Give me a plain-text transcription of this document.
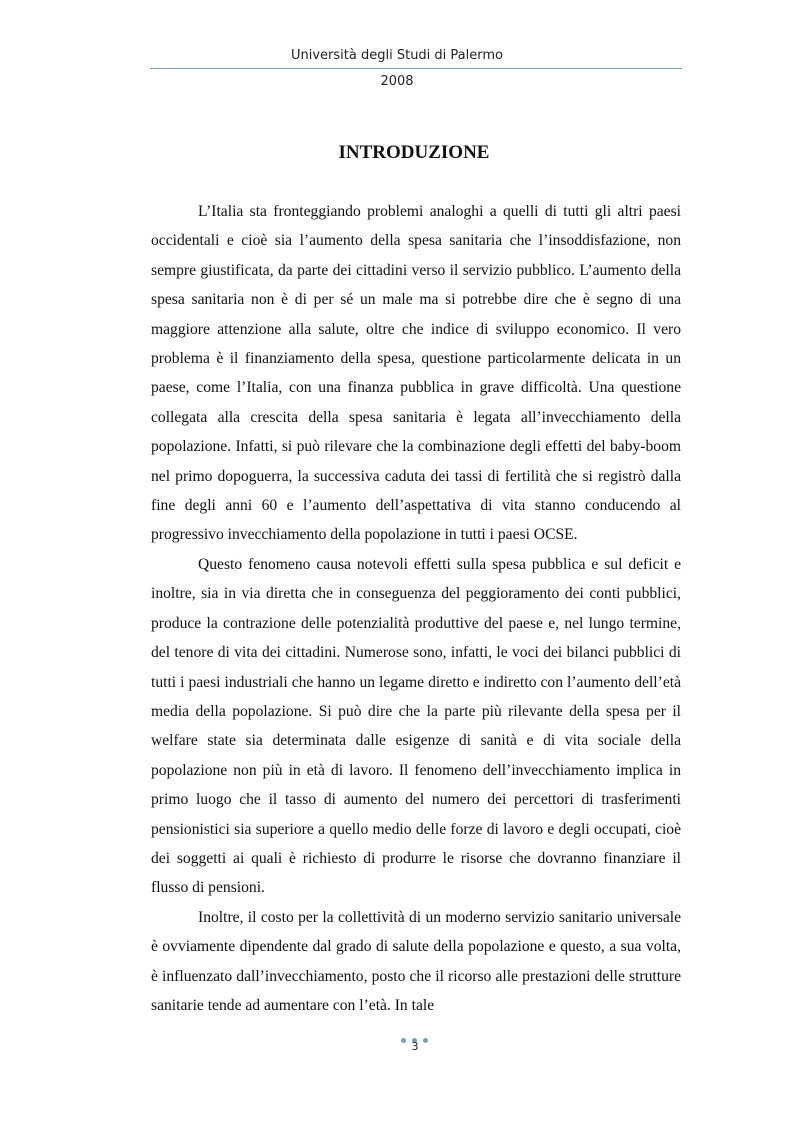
Università degli Studi di Palermo
2008
INTRODUZIONE

L’Italia sta fronteggiando problemi analoghi a quelli di tutti gli altri paesi occidentali e cioè sia l’aumento della spesa sanitaria che l’insoddisfazione, non sempre giustificata, da parte dei cittadini verso il servizio pubblico. L’aumento della spesa sanitaria non è di per sé un male ma si potrebbe dire che è segno di una maggiore attenzione alla salute, oltre che indice di sviluppo economico. Il vero problema è il finanziamento della spesa, questione particolarmente delicata in un paese, come l’Italia, con una finanza pubblica in grave difficoltà. Una questione collegata alla crescita della spesa sanitaria è legata all’invecchiamento della popolazione. Infatti, si può rilevare che la combinazione degli effetti del baby-boom nel primo dopoguerra, la successiva caduta dei tassi di fertilità che si registrò dalla fine degli anni 60 e l’aumento dell’aspettativa di vita stanno conducendo al progressivo invecchiamento della popolazione in tutti i paesi OCSE.

Questo fenomeno causa notevoli effetti sulla spesa pubblica e sul deficit e inoltre, sia in via diretta che in conseguenza del peggioramento dei conti pubblici, produce la contrazione delle potenzialità produttive del paese e, nel lungo termine, del tenore di vita dei cittadini. Numerose sono, infatti, le voci dei bilanci pubblici di tutti i paesi industriali che hanno un legame diretto e indiretto con l’aumento dell’età media della popolazione. Si può dire che la parte più rilevante della spesa per il welfare state sia determinata dalle esigenze di sanità e di vita sociale della popolazione non più in età di lavoro. Il fenomeno dell’invecchiamento implica in primo luogo che il tasso di aumento del numero dei percettori di trasferimenti pensionistici sia superiore a quello medio delle forze di lavoro e degli occupati, cioè dei soggetti ai quali è richiesto di produrre le risorse che dovranno finanziare il flusso di pensioni.

Inoltre, il costo per la collettività di un moderno servizio sanitario universale è ovviamente dipendente dal grado di salute della popolazione e questo, a sua volta, è influenzato dall’invecchiamento, posto che il ricorso alle prestazioni delle strutture sanitarie tende ad aumentare con l’età. In tale

3
